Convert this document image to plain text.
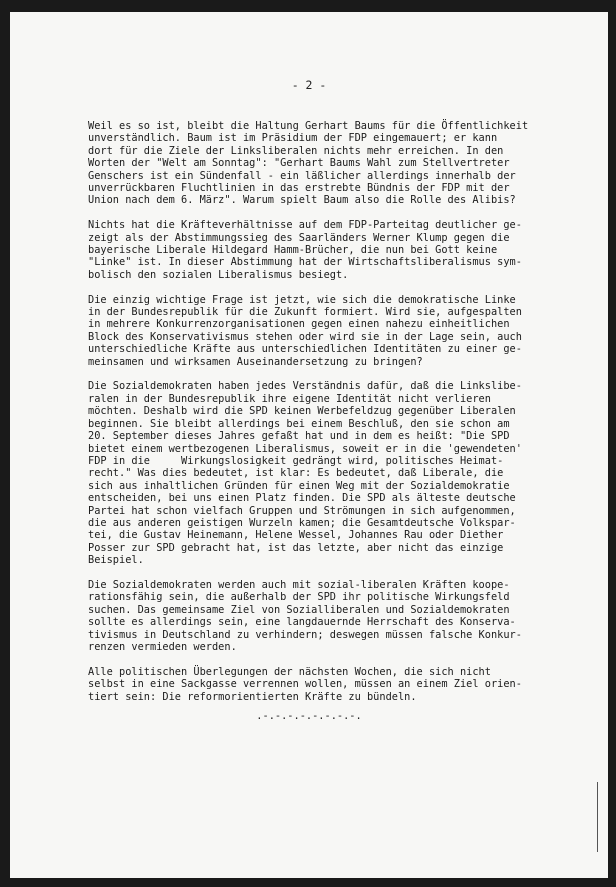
- 2 -
Weil es so ist, bleibt die Haltung Gerhart Baums für die Öffentlichkeit
unverständlich. Baum ist im Präsidium der FDP eingemauert; er kann
dort für die Ziele der Linksliberalen nichts mehr erreichen. In den
Worten der "Welt am Sonntag": "Gerhart Baums Wahl zum Stellvertreter
Genschers ist ein Sündenfall - ein läßlicher allerdings innerhalb der
unverrückbaren Fluchtlinien in das erstrebte Bündnis der FDP mit der
Union nach dem 6. März". Warum spielt Baum also die Rolle des Alibis?
Nichts hat die Kräfteverhältnisse auf dem FDP-Parteitag deutlicher ge-
zeigt als der Abstimmungssieg des Saarländers Werner Klump gegen die
bayerische Liberale Hildegard Hamm-Brücher, die nun bei Gott keine
"Linke" ist. In dieser Abstimmung hat der Wirtschaftsliberalismus sym-
bolisch den sozialen Liberalismus besiegt.
Die einzig wichtige Frage ist jetzt, wie sich die demokratische Linke
in der Bundesrepublik für die Zukunft formiert. Wird sie, aufgespalten
in mehrere Konkurrenzorganisationen gegen einen nahezu einheitlichen
Block des Konservativismus stehen oder wird sie in der Lage sein, auch
unterschiedliche Kräfte aus unterschiedlichen Identitäten zu einer ge-
meinsamen und wirksamen Auseinandersetzung zu bringen?
Die Sozialdemokraten haben jedes Verständnis dafür, daß die Linkslibe-
ralen in der Bundesrepublik ihre eigene Identität nicht verlieren
möchten. Deshalb wird die SPD keinen Werbefeldzug gegenüber Liberalen
beginnen. Sie bleibt allerdings bei einem Beschluß, den sie schon am
20. September dieses Jahres gefaßt hat und in dem es heißt: "Die SPD
bietet einem wertbezogenen Liberalismus, soweit er in die 'gewendeten'
FDP in die     Wirkungslosigkeit gedrängt wird, politisches Heimat-
recht." Was dies bedeutet, ist klar: Es bedeutet, daß Liberale, die
sich aus inhaltlichen Gründen für einen Weg mit der Sozialdemokratie
entscheiden, bei uns einen Platz finden. Die SPD als älteste deutsche
Partei hat schon vielfach Gruppen und Strömungen in sich aufgenommen,
die aus anderen geistigen Wurzeln kamen; die Gesamtdeutsche Volkspar-
tei, die Gustav Heinemann, Helene Wessel, Johannes Rau oder Diether
Posser zur SPD gebracht hat, ist das letzte, aber nicht das einzige
Beispiel.
Die Sozialdemokraten werden auch mit sozial-liberalen Kräften koope-
rationsfähig sein, die außerhalb der SPD ihr politische Wirkungsfeld
suchen. Das gemeinsame Ziel von Sozialliberalen und Sozialdemokraten
sollte es allerdings sein, eine langdauernde Herrschaft des Konserva-
tivismus in Deutschland zu verhindern; deswegen müssen falsche Konkur-
renzen vermieden werden.
Alle politischen Überlegungen der nächsten Wochen, die sich nicht
selbst in eine Sackgasse verrennen wollen, müssen an einem Ziel orien-
tiert sein: Die reformorientierten Kräfte zu bündeln.
.-.-.-.-.-.-.-.-.
